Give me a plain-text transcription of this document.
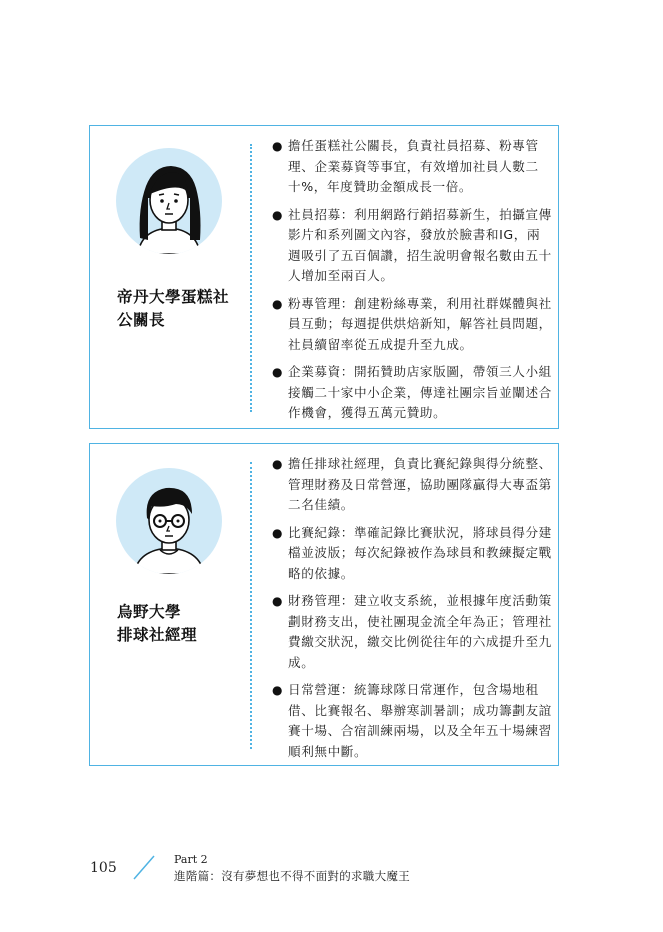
帝丹大學蛋糕社
公關長
● 擔任蛋糕社公關長，負責社員招募、粉專管理、企業募資等事宜，有效增加社員人數二十%，年度贊助金額成長一倍。
● 社員招募：利用網路行銷招募新生，拍攝宣傳影片和系列圖文內容，發放於臉書和IG，兩週吸引了五百個讚，招生說明會報名數由五十人增加至兩百人。
● 粉專管理：創建粉絲專業，利用社群媒體與社員互動；每週提供烘焙新知，解答社員問題，社員續留率從五成提升至九成。
● 企業募資：開拓贊助店家版圖，帶領三人小組接觸二十家中小企業，傳達社團宗旨並闡述合作機會，獲得五萬元贊助。
烏野大學
排球社經理
● 擔任排球社經理，負責比賽紀錄與得分統整、管理財務及日常營運，協助團隊贏得大專盃第二名佳績。
● 比賽紀錄：準確記錄比賽狀況，將球員得分建檔並波版；每次紀錄被作為球員和教練擬定戰略的依據。
● 財務管理：建立收支系統，並根據年度活動策劃財務支出，使社團現金流全年為正；管理社費繳交狀況，繳交比例從往年的六成提升至九成。
● 日常營運：統籌球隊日常運作，包含場地租借、比賽報名、舉辦寒訓暑訓；成功籌劃友誼賽十場、合宿訓練兩場，以及全年五十場練習順利無中斷。
105
Part 2
進階篇：沒有夢想也不得不面對的求職大魔王
